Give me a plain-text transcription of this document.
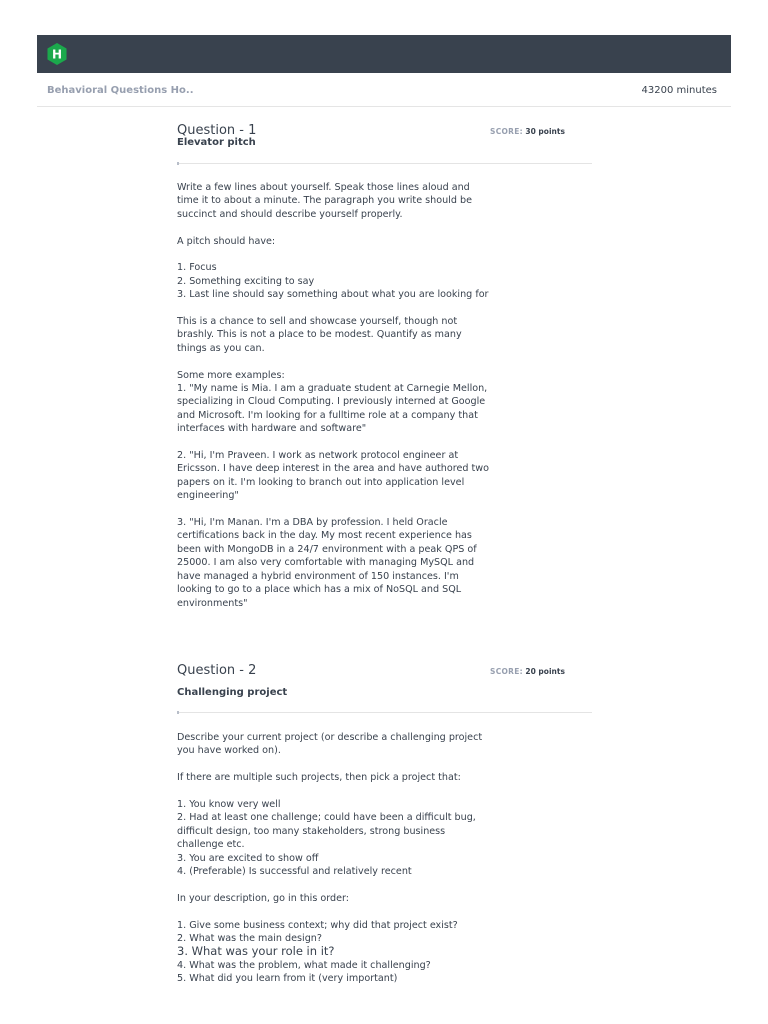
H
Behavioral Questions Ho..	43200 minutes
Question - 1
Elevator pitch
SCORE: 30 points

Write a few lines about yourself. Speak those lines aloud and
time it to about a minute. The paragraph you write should be
succinct and should describe yourself properly.

A pitch should have:

1. Focus
2. Something exciting to say
3. Last line should say something about what you are looking for

This is a chance to sell and showcase yourself, though not
brashly. This is not a place to be modest. Quantify as many
things as you can.

Some more examples:
1. "My name is Mia. I am a graduate student at Carnegie Mellon,
specializing in Cloud Computing. I previously interned at Google
and Microsoft. I'm looking for a fulltime role at a company that
interfaces with hardware and software"

2. "Hi, I'm Praveen. I work as network protocol engineer at
Ericsson. I have deep interest in the area and have authored two
papers on it. I'm looking to branch out into application level
engineering"

3. "Hi, I'm Manan. I'm a DBA by profession. I held Oracle
certifications back in the day. My most recent experience has
been with MongoDB in a 24/7 environment with a peak QPS of
25000. I am also very comfortable with managing MySQL and
have managed a hybrid environment of 150 instances. I'm
looking to go to a place which has a mix of NoSQL and SQL
environments"

Question - 2
Challenging project
SCORE: 20 points

Describe your current project (or describe a challenging project
you have worked on).

If there are multiple such projects, then pick a project that:

1. You know very well
2. Had at least one challenge; could have been a difficult bug,
difficult design, too many stakeholders, strong business
challenge etc.
3. You are excited to show off
4. (Preferable) Is successful and relatively recent

In your description, go in this order:

1. Give some business context; why did that project exist?
2. What was the main design?
3. What was your role in it?
4. What was the problem, what made it challenging?
5. What did you learn from it (very important)
